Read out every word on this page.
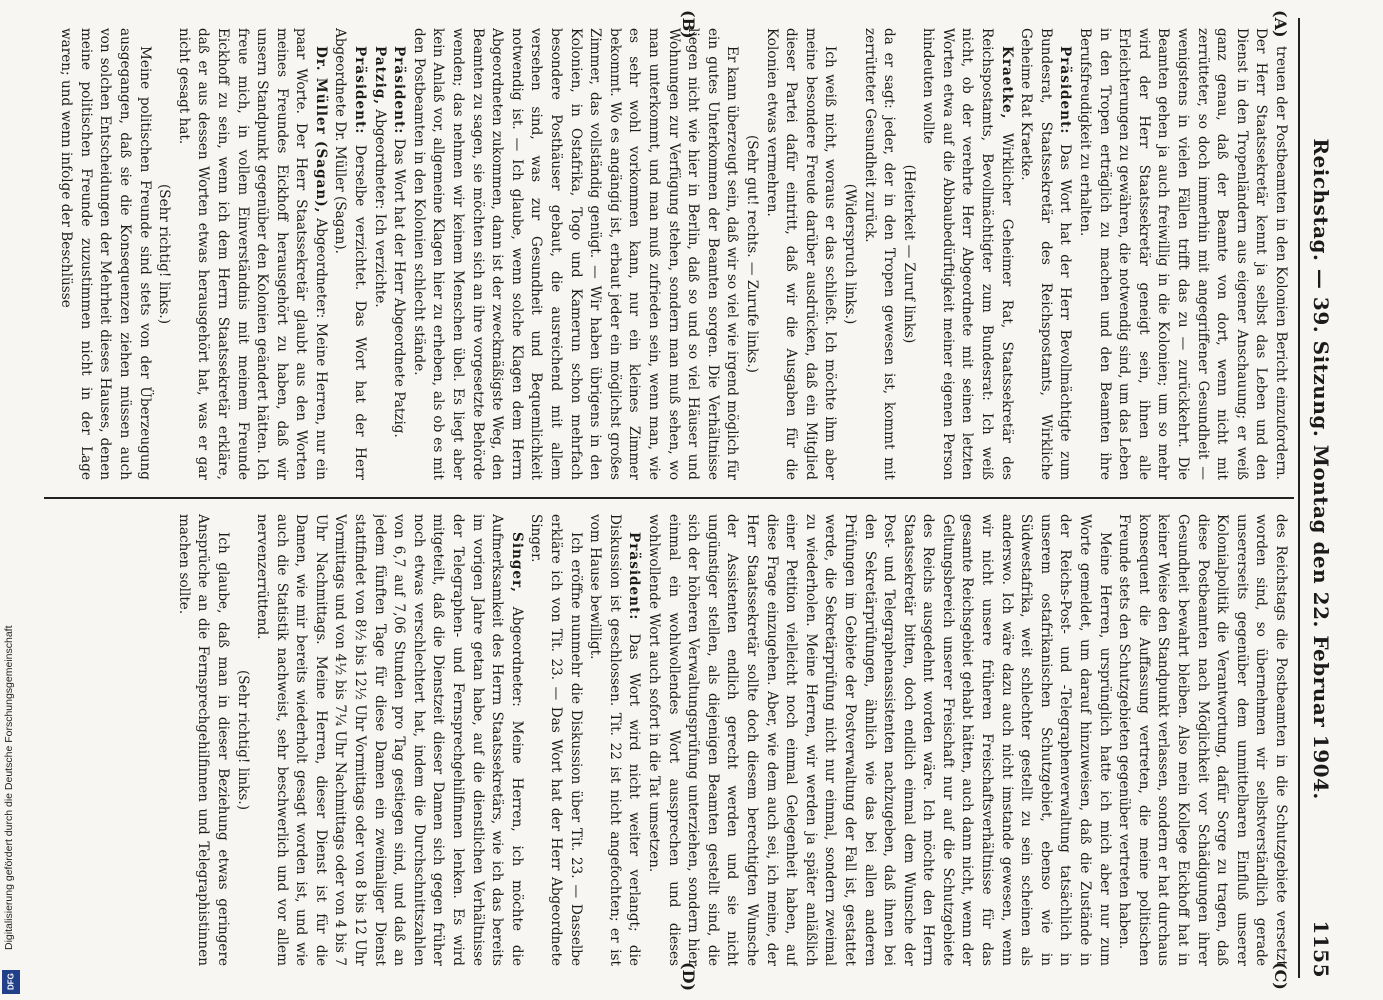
Reichstag. — 39. Sitzung. Montag den 22. Februar 1904.
1155

treuen der Postbeamten in den Kolonien Bericht einzufordern. Der Herr Staatssekretär kennt ja selbst das Leben und den Dienst in den Tropenländern aus eigener Anschauung; er weiß ganz genau, daß der Beamte von dort, wenn nicht mit zerrütteter, so doch immerhin mit angegriffener Gesundheit — wenigstens in vielen Fällen trifft das zu — zurückkehrt. Die Beamten gehen ja auch freiwillig in die Kolonien; um so mehr wird der Herr Staatssekretär geneigt sein, ihnen alle Erleichterungen zu gewähren, die notwendig sind, um das Leben in den Tropen erträglich zu machen und den Beamten ihre Berufsfreudigkeit zu erhalten.

Präsident: Das Wort hat der Herr Bevollmächtigte zum Bundesrat, Staatssekretär des Reichspostamts, Wirkliche Geheime Rat Kraetke.

Kraetke, Wirklicher Geheimer Rat, Staatssekretär des Reichspostamts, Bevollmächtigter zum Bundesrat: Ich weiß nicht, ob der verehrte Herr Abgeordnete mit seinen letzten Worten etwa auf die Abbaubedürftigkeit meiner eigenen Person hindeuten wollte

(Heiterkeit — Zuruf links)

da er sagt: jeder, der in den Tropen gewesen ist, kommt mit zerrütteter Gesundheit zurück.

(Widerspruch links.)

Ich weiß nicht, woraus er das schließt. Ich möchte ihm aber meine besondere Freude darüber ausdrücken, daß ein Mitglied dieser Partei dafür eintritt, daß wir die Ausgaben für die Kolonien etwas vermehren.

(Sehr gut! rechts. — Zurufe links.)

Er kann überzeugt sein, daß wir so viel wie irgend möglich für ein gutes Unterkommen der Beamten sorgen. Die Verhältnisse liegen nicht wie hier in Berlin, daß so und so viel Häuser und Wohnungen zur Verfügung stehen, sondern man muß sehen, wo man unterkommt, und man muß zufrieden sein, wenn man, wie es sehr wohl vorkommen kann, nur ein kleines Zimmer bekommt. Wo es angängig ist, erbaut jeder ein möglichst großes Zimmer, das vollständig genügt. — Wir haben übrigens in den Kolonien, in Ostafrika, Togo und Kamerun schon mehrfach besondere Posthäuser gebaut, die ausreichend mit allem versehen sind, was zur Gesundheit und Bequemlichkeit notwendig ist. — Ich glaube, wenn solche Klagen dem Herrn Abgeordneten zukommen, dann ist der zweckmäßigste Weg, den Beamten zu sagen, sie möchten sich an ihre vorgesetzte Behörde wenden; das nehmen wir keinem Menschen übel. Es liegt aber kein Anlaß vor, allgemeine Klagen hier zu erheben, als ob es mit den Postbeamten in den Kolonien schlecht stände.

Präsident: Das Wort hat der Herr Abgeordnete Patzig.

Patzig, Abgeordneter: Ich verzichte.

Präsident: Derselbe verzichtet. Das Wort hat der Herr Abgeordnete Dr. Müller (Sagan).

Dr. Müller (Sagan), Abgeordneter: Meine Herren, nur ein paar Worte. Der Herr Staatssekretär glaubt aus den Worten meines Freundes Eickhoff herausgehört zu haben, daß wir unsern Standpunkt gegenüber den Kolonien geändert hätten. Ich freue mich, in vollem Einverständnis mit meinem Freunde Eickhoff zu sein, wenn ich dem Herrn Staatssekretär erkläre, daß er aus dessen Worten etwas herausgehört hat, was er gar nicht gesagt hat.

(Sehr richtig! links.)

Meine politischen Freunde sind stets von der Überzeugung ausgegangen, daß sie die Konsequenzen ziehen müssen auch von solchen Entscheidungen der Mehrheit dieses Hauses, denen meine politischen Freunde zuzustimmen nicht in der Lage waren; und wenn infolge der Beschlüsse

des Reichstags die Postbeamten in die Schutzgebiete versetzt worden sind, so übernehmen wir selbstverständlich gerade unsererseits gegenüber dem unmittelbaren Einfluß unserer Kolonialpolitik die Verantwortung, dafür Sorge zu tragen, daß diese Postbeamten nach Möglichkeit vor Schädigungen ihrer Gesundheit bewahrt bleiben. Also mein Kollege Eickhoff hat in keiner Weise den Standpunkt verlassen, sondern er hat durchaus konsequent die Auffassung vertreten, die meine politischen Freunde stets den Schutzgebieten gegenüber vertreten haben.

Meine Herren, ursprünglich hatte ich mich aber nur zum Worte gemeldet, um darauf hinzuweisen, daß die Zustände in der Reichs-Post- und -Telegraphenverwaltung tatsächlich in unserem ostafrikanischen Schutzgebiet, ebenso wie in Südwestafrika, weit schlechter gestellt zu sein scheinen als anderswo. Ich wäre dazu auch nicht imstande gewesen, wenn wir nicht unsere früheren Freischaftsverhältnisse für das gesamte Reichsgebiet gehabt hätten, auch dann nicht, wenn der Geltungsbereich unserer Freischaft nur auf die Schutzgebiete des Reichs ausgedehnt worden wäre. Ich möchte den Herrn Staatssekretär bitten, doch endlich einmal dem Wunsche der Post- und Telegraphenassistenten nachzugeben, daß ihnen bei den Sekretärprüfungen, ähnlich wie das bei allen anderen Prüfungen im Gebiete der Postverwaltung der Fall ist, gestattet werde, die Sekretärprüfung nicht nur einmal, sondern zweimal zu wiederholen. Meine Herren, wir werden ja später anläßlich einer Petition vielleicht noch einmal Gelegenheit haben, auf diese Frage einzugehen. Aber, wie dem auch sei, ich meine, der Herr Staatssekretär sollte doch diesem berechtigten Wunsche der Assistenten endlich gerecht werden und sie nicht ungünstiger stellen, als diejenigen Beamten gestellt sind, die sich der höheren Verwaltungsprüfung unterziehen, sondern hier einmal ein wohlwollendes Wort aussprechen und dieses wohlwollende Wort auch sofort in die Tat umsetzen.

Präsident: Das Wort wird nicht weiter verlangt; die Diskussion ist geschlossen. Tit. 22 ist nicht angefochten; er ist vom Hause bewilligt.

Ich eröffne nunmehr die Diskussion über Tit. 23. — Dasselbe erkläre ich von Tit. 23. — Das Wort hat der Herr Abgeordnete Singer.

Singer, Abgeordneter: Meine Herren, ich möchte die Aufmerksamkeit des Herrn Staatssekretärs, wie ich das bereits im vorigen Jahre getan habe, auf die dienstlichen Verhältnisse der Telegraphen- und Fernsprechgehilfinnen lenken. Es wird mitgeteilt, daß die Dienstzeit dieser Damen sich gegen früher noch etwas verschlechtert hat, indem die Durchschnittszahlen von 6,7 auf 7,06 Stunden pro Tag gestiegen sind, und daß an jedem fünften Tage für diese Damen ein zweimaliger Dienst stattfindet von 8½ bis 12½ Uhr Vormittags oder von 8 bis 12 Uhr Vormittags und von 4½ bis 7¼ Uhr Nachmittags oder von 4 bis 7 Uhr Nachmittags. Meine Herren, dieser Dienst ist für die Damen, wie mir bereits wiederholt gesagt worden ist, und wie auch die Statistik nachweist, sehr beschwerlich und vor allem nervenzerrüttend.

(Sehr richtig! links.)

Ich glaube, daß man in dieser Beziehung etwas geringere Ansprüche an die Fernsprechgehilfinnen und Telegraphistinnen machen sollte.

(A)
(B)
(C)
(D)
Digitalisierung gefördert durch die Deutsche Forschungsgemeinschaft
DFG
